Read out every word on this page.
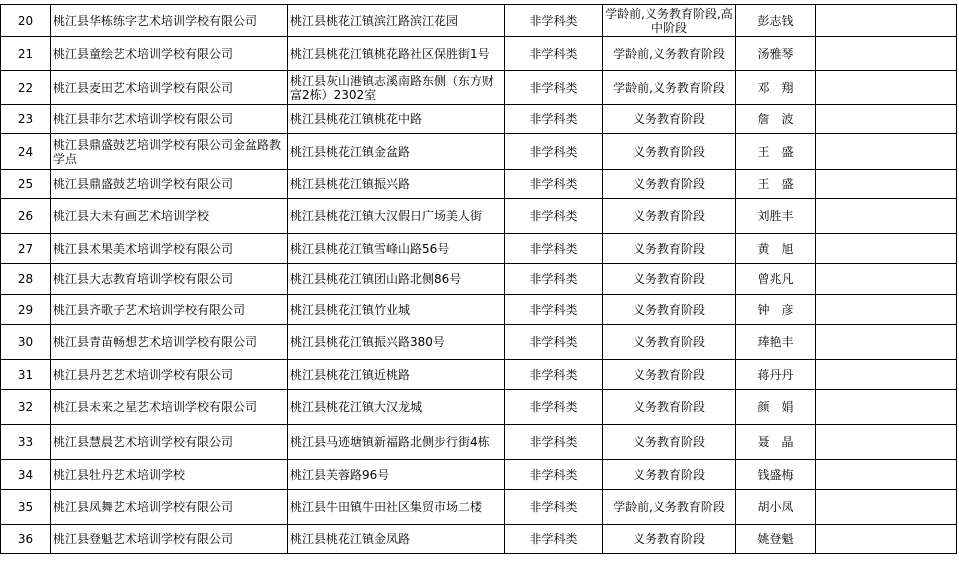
20	桃江县华栋练字艺术培训学校有限公司	桃江县桃花江镇滨江路滨江花园	非学科类	学龄前,义务教育阶段,高中阶段	彭志钱	
21	桃江县童绘艺术培训学校有限公司	桃江县桃花江镇桃花路社区保胜街1号	非学科类	学龄前,义务教育阶段	汤雅琴	
22	桃江县麦田艺术培训学校有限公司	桃江县灰山港镇志溪南路东侧（东方财富2栋）2302室	非学科类	学龄前,义务教育阶段	邓　翔	
23	桃江县菲尔艺术培训学校有限公司	桃江县桃花江镇桃花中路	非学科类	义务教育阶段	詹　波	
24	桃江县鼎盛鼓艺培训学校有限公司金盆路教学点	桃江县桃花江镇金盆路	非学科类	义务教育阶段	王　盛	
25	桃江县鼎盛鼓艺培训学校有限公司	桃江县桃花江镇振兴路	非学科类	义务教育阶段	王　盛	
26	桃江县大未有画艺术培训学校	桃江县桃花江镇大汉假日广场美人街	非学科类	义务教育阶段	刘胜丰	
27	桃江县术果美术培训学校有限公司	桃江县桃花江镇雪峰山路56号	非学科类	义务教育阶段	黄　旭	
28	桃江县大志教育培训学校有限公司	桃江县桃花江镇团山路北侧86号	非学科类	义务教育阶段	曾兆凡	
29	桃江县齐歌子艺术培训学校有限公司	桃江县桃花江镇竹业城	非学科类	义务教育阶段	钟　彦	
30	桃江县青苗畅想艺术培训学校有限公司	桃江县桃花江镇振兴路380号	非学科类	义务教育阶段	琫艳丰	
31	桃江县丹艺艺术培训学校有限公司	桃江县桃花江镇近桃路	非学科类	义务教育阶段	蒋丹丹	
32	桃江县未来之星艺术培训学校有限公司	桃江县桃花江镇大汉龙城	非学科类	义务教育阶段	颜　娟	
33	桃江县慧晨艺术培训学校有限公司	桃江县马迹塘镇新福路北侧步行街4栋	非学科类	义务教育阶段	聂　晶	
34	桃江县牡丹艺术培训学校	桃江县芙蓉路96号	非学科类	义务教育阶段	钱盛梅	
35	桃江县凤舞艺术培训学校有限公司	桃江县牛田镇牛田社区集贸市场二楼	非学科类	学龄前,义务教育阶段	胡小凤	
36	桃江县登魁艺术培训学校有限公司	桃江县桃花江镇金凤路	非学科类	义务教育阶段	姚登魁	
